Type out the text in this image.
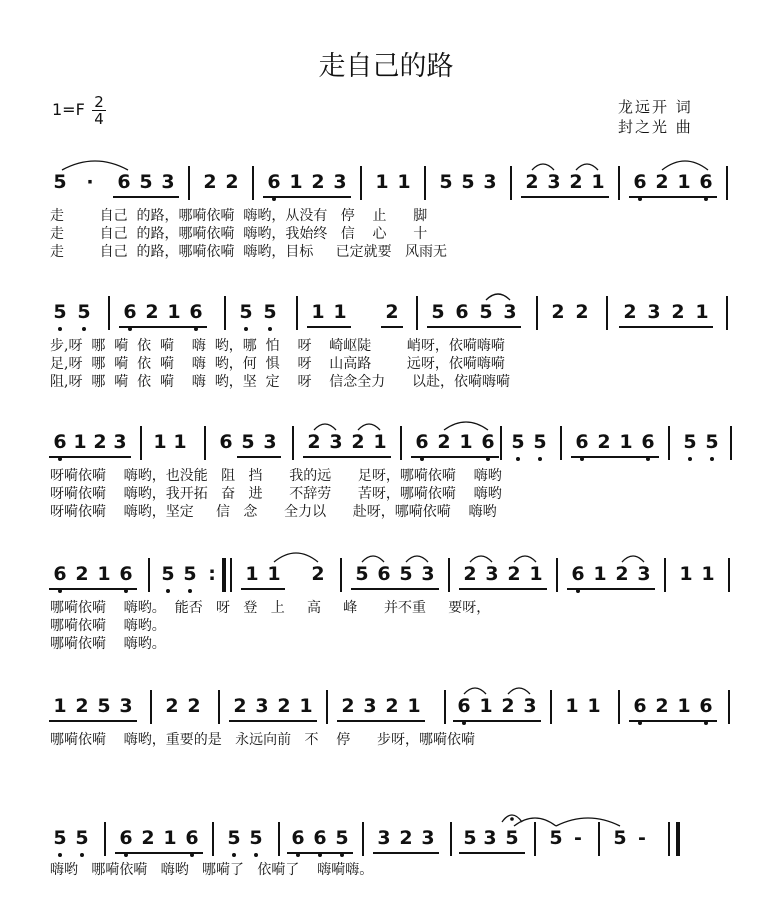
走自己的路
$1=F \frac{2}{4}$	龙远开 词
封之光 曲
5	·	6 5 3 2 2 6 1 2 3 1 1 5 5 3 2 3 2 1 6 2 1 6
走        自己  的路，哪嗬依嗬  嗨哟，从没有   停    止      脚
走        自己  的路，哪嗬依嗬  嗨哟，我始终   信    心      十
走        自己  的路，哪嗬依嗬  嗨哟，目标     已定就要   风雨无
5 5 6 2 1 6 5 5 1 1 2 5 6 5 3 2 2 2 3 2 1
步,呀  哪  嗬  依  嗬    嗨  哟，哪  怕    呀    崎岖陡        峭呀，依嗬嗨嗬
足,呀  哪  嗬  依  嗬    嗨  哟，何  惧    呀    山高路        远呀，依嗬嗨嗬
阻,呀  哪  嗬  依  嗬    嗨  哟，坚  定    呀    信念全力      以赴，依嗬嗨嗬
6 1 2 3 1 1 6 5 3 2 3 2 1 6 2 1 6 5 5 6 2 1 6 5 5
呀嗬依嗬    嗨哟，也没能   阻   挡      我的远      足呀，哪嗬依嗬    嗨哟
呀嗬依嗬    嗨哟，我开拓   奋   进      不辞劳      苦呀，哪嗬依嗬    嗨哟
呀嗬依嗬    嗨哟，坚定     信   念      全力以      赴呀，哪嗬依嗬    嗨哟
6 2 1 6 5 5 :	1 1 2 5 6 5 3 2 3 2 1 6 1 2 3 1 1
哪嗬依嗬    嗨哟。  能否   呀   登   上     高     峰      并不重     要呀，
哪嗬依嗬    嗨哟。
哪嗬依嗬    嗨哟。
1 2 5 3 2 2 2 3 2 1 2 3 2 1 6 1 2 3 1 1 6 2 1 6
哪嗬依嗬    嗨哟，重要的是   永远向前   不    停      步呀，哪嗬依嗬
5 5 6 2 1 6 5 5 6 6 5 3 2 3 5 3 5 5 -	5 -
嗨哟   哪嗬依嗬   嗨哟   哪嗬了   依嗬了    嗨嗬嗨。
